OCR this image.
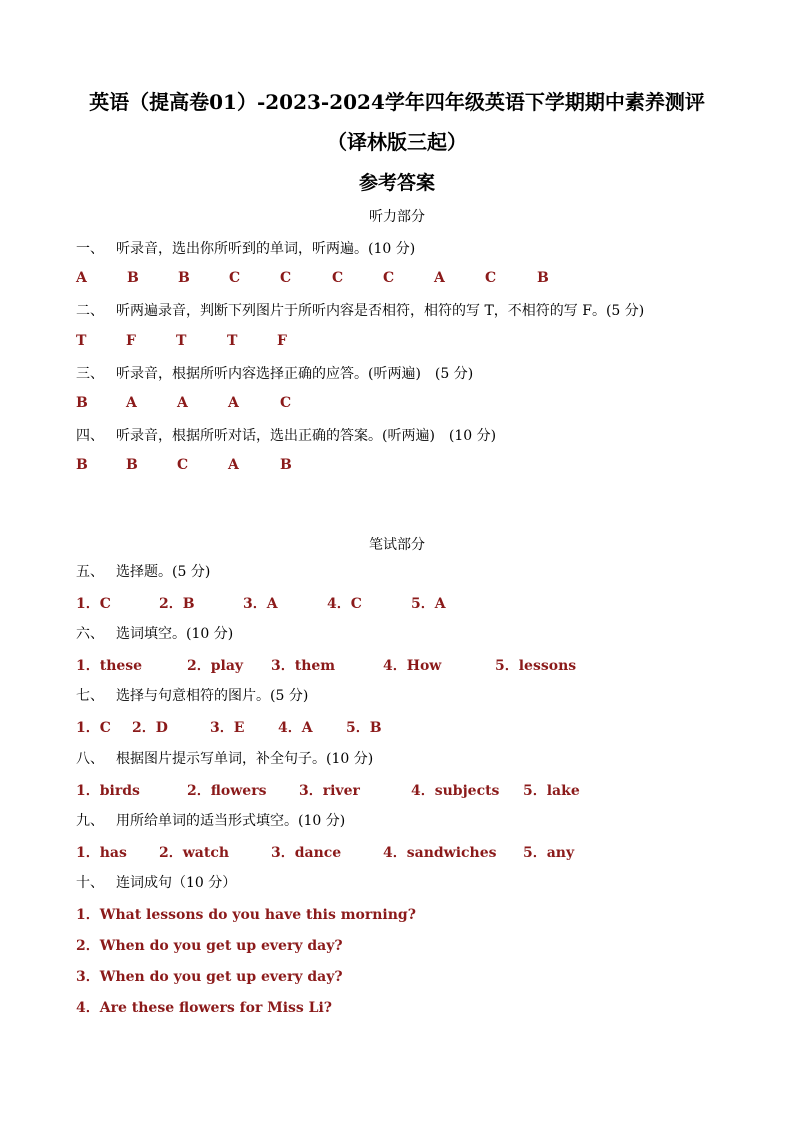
英语（提高卷01）-2023-2024学年四年级英语下学期期中素养测评
（译林版三起）
参考答案
听力部分
一、 听录音，选出你所听到的单词，听两遍。(10 分)
A	B	B	C	C	C	C	A	C	B
二、 听两遍录音，判断下列图片于所听内容是否相符，相符的写 T，不相符的写 F。(5 分)
T	F	T	T	F
三、 听录音，根据所听内容选择正确的应答。(听两遍)　(5 分)
B	A	A	A	C
四、 听录音，根据所听对话，选出正确的答案。(听两遍)　(10 分)
B	B	C	A	B
笔试部分
五、 选择题。(5 分)
1．C	2．B	3．A	4．C	5．A
六、 选词填空。(10 分)
1．these	2．play 3．them	4．How	5．lessons
七、 选择与句意相符的图片。(5 分)
1．C 2．D	3．E 4．A 5．B
八、 根据图片提示写单词，补全句子。(10 分)
1．birds	2．flowers 3．river	4．subjects 5．lake
九、 用所给单词的适当形式填空。(10 分)
1．has 2．watch	3．dance	4．sandwiches 5．any
十、 连词成句（10 分）
1．What lessons do you have this morning?
2．When do you get up every day?
3．When do you get up every day?
4．Are these flowers for Miss Li?
